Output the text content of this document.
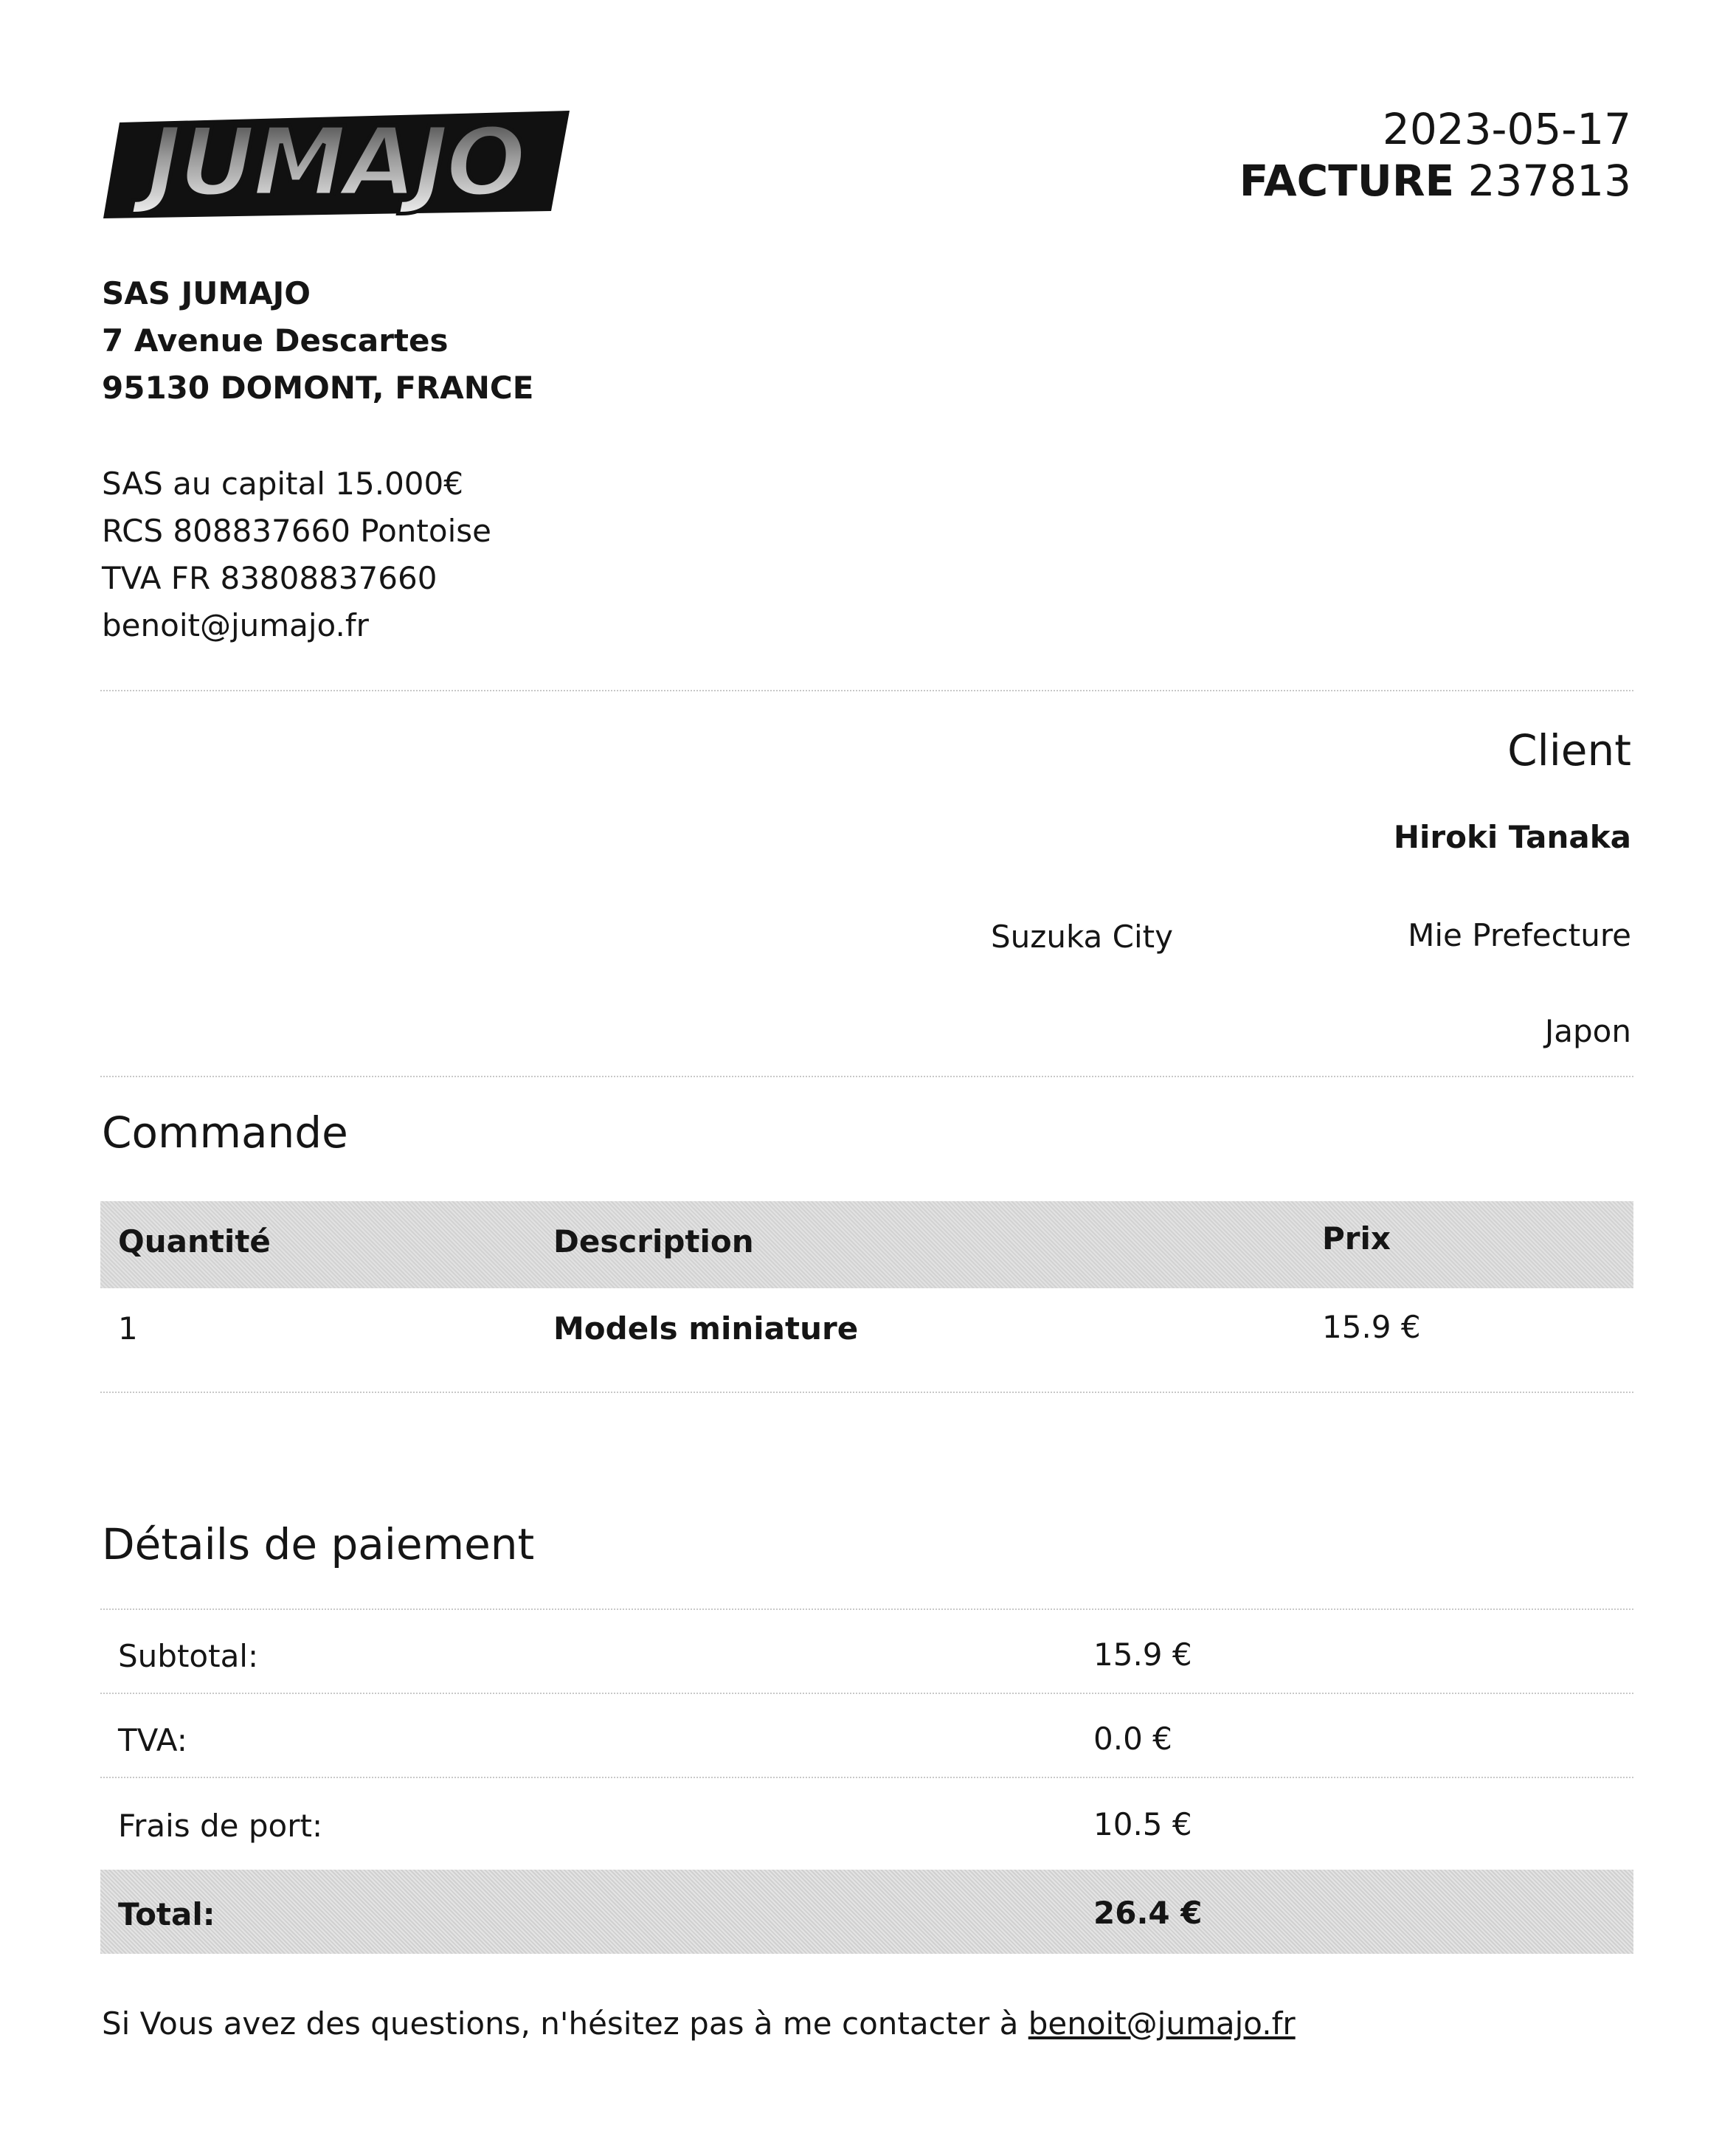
JUMAJO	2023-05-17
FACTURE 237813
SAS JUMAJO
7 Avenue Descartes
95130 DOMONT, FRANCE
SAS au capital 15.000€
RCS 808837660 Pontoise
TVA FR 83808837660
benoit@jumajo.fr
Client
Hiroki Tanaka
Suzuka City	Mie Prefecture
Japon
Commande
Quantité	Description	Prix
1	Models miniature	15.9 €
Détails de paiement
Subtotal:	15.9 €
TVA:	0.0 €
Frais de port:	10.5 €
Total:	26.4 €
Si Vous avez des questions, n'hésitez pas à me contacter à benoit@jumajo.fr
